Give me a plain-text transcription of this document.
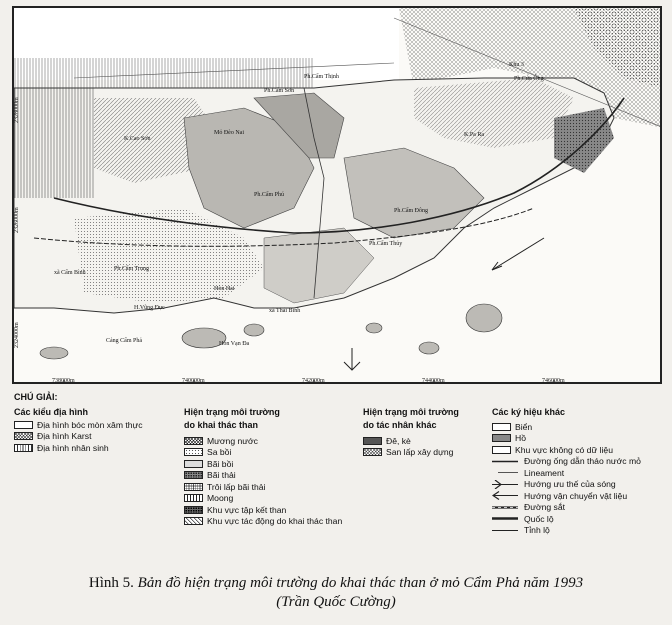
Ph.Cẩm Thịnh
Ph.Cẩm Sơn
Ph.Cẩm Đông
Ph.Cẩm Phú
Ph.Cẩm Thủy
Ph.Cẩm Trung
K.Cao Sơn
Mỏ Đèo Nai	K.Pa Ra
Ph.Cửa Ông
Khu 3
xã Cẩm Bình
Hòn Hai
Hòn Vạn Đa
xã Thái Bình
H.Vũng Đục
Cảng Cẩm Phả
738000m	740000m	742000m	744000m	746000m
2328000m
2326000m
2324000m
CHÚ GIẢI:
Các kiểu địa hình
Địa hình bóc mòn xâm thực
Địa hình Karst
Địa hình nhân sinh
Hiện trạng môi trường
do khai thác than
Mương nước
Sa bồi
Bãi bồi
Bãi thải
Trôi lấp bãi thải
Moong
Khu vực tập kết than
Khu vực tác động do khai thác than
Hiện trạng môi trường
do tác nhân khác
Đê, kè
San lấp xây dựng
Các ký hiệu khác
Biển
Hồ
Khu vực không có dữ liệu
Đường ống dẫn tháo nước mỏ
Lineament
Hướng ưu thế của sóng
Hướng vận chuyển vật liệu
Đường sắt
Quốc lộ
Tỉnh lộ
Hình 5. Bản đồ hiện trạng môi trường do khai thác than ở mỏ Cẩm Phả năm 1993
(Trần Quốc Cường)
